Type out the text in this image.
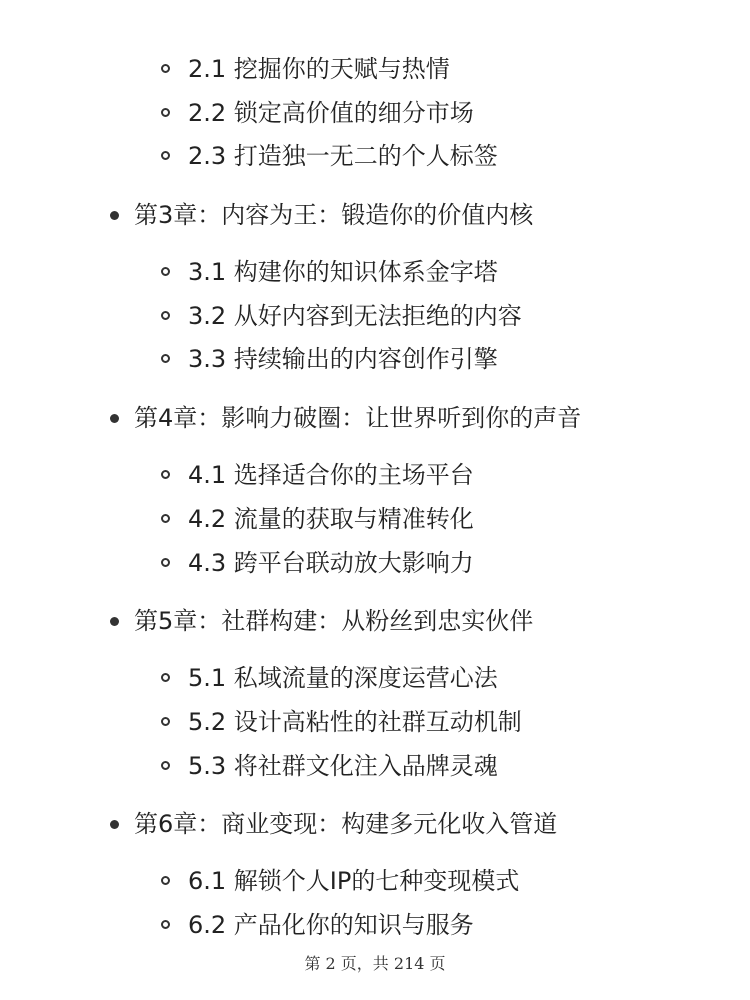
2.1 挖掘你的天赋与热情
2.2 锁定高价值的细分市场
2.3 打造独一无二的个人标签
第3章：内容为王：锻造你的价值内核
3.1 构建你的知识体系金字塔
3.2 从好内容到无法拒绝的内容
3.3 持续输出的内容创作引擎
第4章：影响力破圈：让世界听到你的声音
4.1 选择适合你的主场平台
4.2 流量的获取与精准转化
4.3 跨平台联动放大影响力
第5章：社群构建：从粉丝到忠实伙伴
5.1 私域流量的深度运营心法
5.2 设计高粘性的社群互动机制
5.3 将社群文化注入品牌灵魂
第6章：商业变现：构建多元化收入管道
6.1 解锁个人IP的七种变现模式
6.2 产品化你的知识与服务
第 2 页，共 214 页
